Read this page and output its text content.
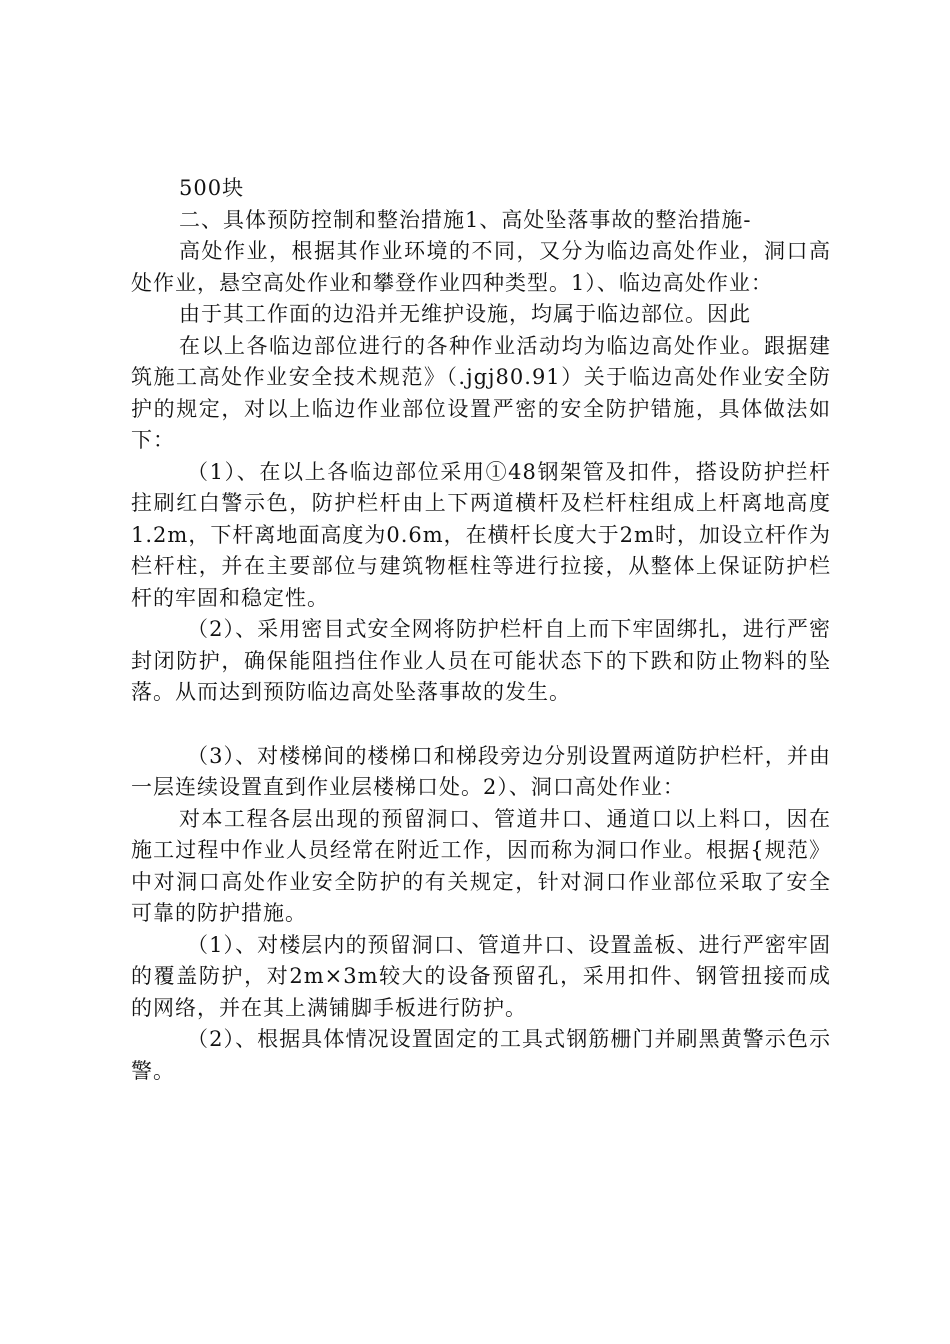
500块

二、具体预防控制和整治措施1、高处坠落事故的整治措施-

高处作业，根据其作业环境的不同，又分为临边高处作业，洞口高处作业，悬空高处作业和攀登作业四种类型。1）、临边高处作业：

由于其工作面的边沿并无维护设施，均属于临边部位。因此

在以上各临边部位进行的各种作业活动均为临边高处作业。跟据建筑施工高处作业安全技术规范》（.jgj80.91）关于临边高处作业安全防护的规定，对以上临边作业部位设置严密的安全防护错施，具体做法如下：

（1）、在以上各临边部位采用①48钢架管及扣件，搭设防护拦杆拄刷红白警示色，防护栏杆由上下两道横杆及栏杆柱组成上杆离地高度1.2m，下杆离地面高度为0.6m，在横杆长度大于2m时，加设立杆作为栏杆柱，并在主要部位与建筑物框柱等进行拉接，从整体上保证防护栏杆的牢固和稳定性。

（2）、采用密目式安全网将防护栏杆自上而下牢固绑扎，进行严密封闭防护，确保能阻挡住作业人员在可能状态下的下跌和防止物料的坠落。从而达到预防临边高处坠落事故的发生。

（3）、对楼梯间的楼梯口和梯段旁边分别设置两道防护栏杆，并由一层连续设置直到作业层楼梯口处。2）、洞口高处作业：

对本工程各层出现的预留洞口、管道井口、通道口以上料口，因在施工过程中作业人员经常在附近工作，因而称为洞口作业。根据{规范》中对洞口高处作业安全防护的有关规定，针对洞口作业部位采取了安全可靠的防护措施。

（1）、对楼层内的预留洞口、管道井口、设置盖板、进行严密牢固的覆盖防护，对2m×3m较大的设备预留孔，采用扣件、钢管扭接而成的网络，并在其上满铺脚手板进行防护。

（2）、根据具体情况设置固定的工具式钢筋栅门并刷黑黄警示色示警。
